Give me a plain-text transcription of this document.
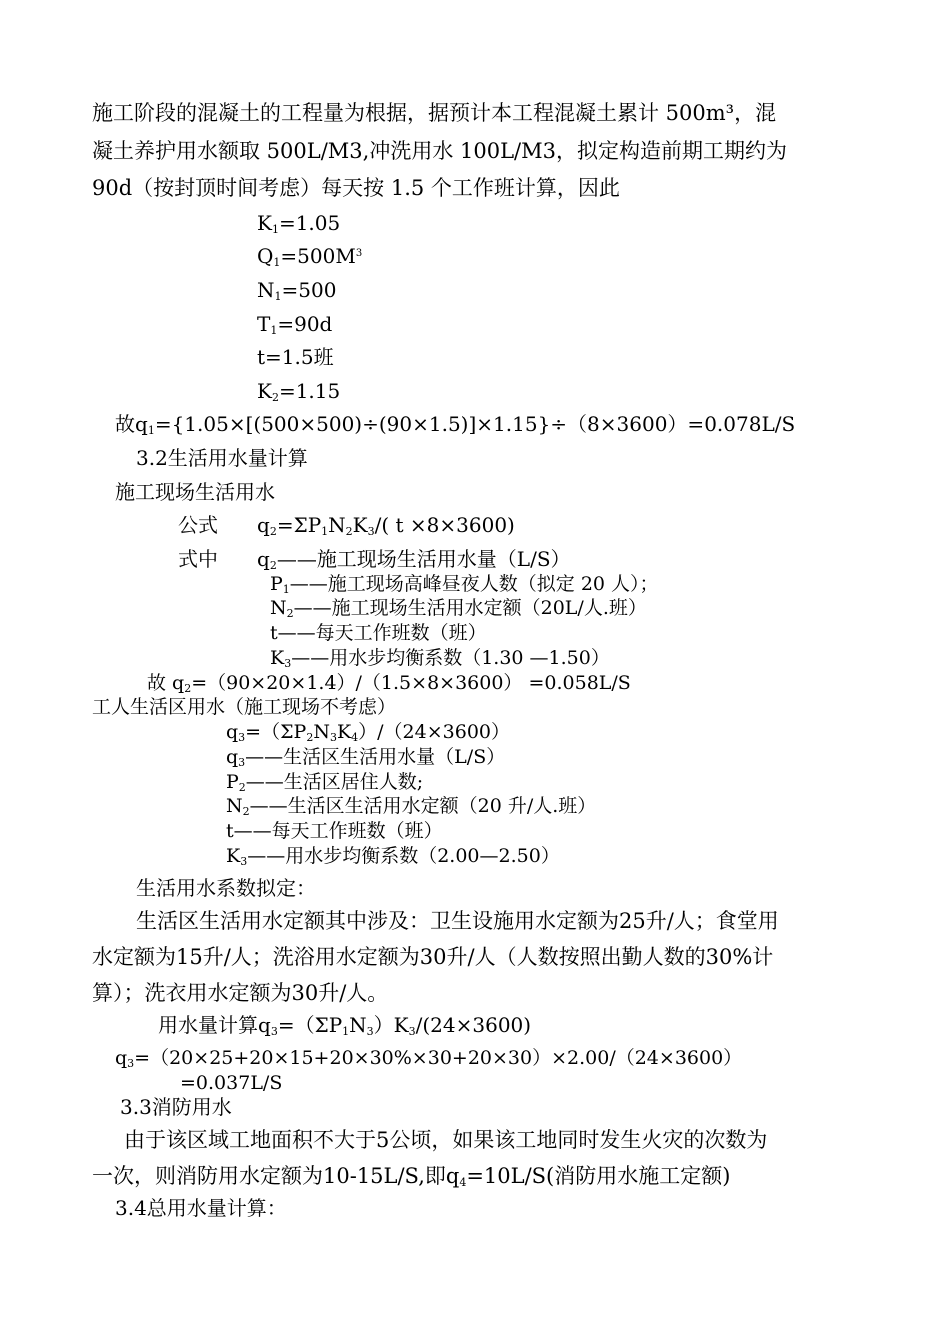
施工阶段的混凝土的工程量为根据，据预计本工程混凝土累计 500m³，混
凝土养护用水额取 500L/M3,冲洗用水 100L/M3，拟定构造前期工期约为
90d（按封顶时间考虑）每天按 1.5 个工作班计算，因此
$K_1=1.05$
$Q_1=500M^3$
$N_1=500$
$T_1=90d$
t=1.5班
$K_2=1.15$
故$q_1=\{1.05\times[(500\times 500)\div(90\times 1.5)]\times 1.15\}\div(8\times 3600)=0.078L/S$
3.2生活用水量计算
施工现场生活用水
公式 $q_2=\Sigma P_1N_2K_3/$( t ×8×3600)
式中 $q_2——$施工现场生活用水量（L/S）
$P_1——$施工现场高峰昼夜人数（拟定 20 人）；
$N_2——$施工现场生活用水定额（20L/人.班）
t——每天工作班数（班）
$K_3——$用水步均衡系数（1.30 —1.50）
故 $q_2=(90\times 20\times 1.4)/(1.5\times 8\times 3600) =0.058L/S$
工人生活区用水（施工现场不考虑）
$q_3=(\Sigma P_2N_3K_4)/(24\times 3600)$
$q_3——$生活区生活用水量（L/S）
$P_2——$生活区居住人数;
$N_2——$生活区生活用水定额（20 升/人.班）
t——每天工作班数（班）
$K_3——$用水步均衡系数（2.00—2.50）
生活用水系数拟定：
生活区生活用水定额其中涉及：卫生设施用水定额为25升/人；食堂用
水定额为15升/人；洗浴用水定额为30升/人（人数按照出勤人数的30%计
算）；洗衣用水定额为30升/人。
用水量计算$q_3=(\Sigma P_1N_3)K_3/(24\times 3600)$
$q_3=(20\times 25+20\times 15+20\times 30\%\times 30+20\times 30)\times 2.00/(24\times 3600)$
=0.037L/S
3.3消防用水
由于该区域工地面积不大于5公顷，如果该工地同时发生火灾的次数为
一次，则消防用水定额为10-15L/S,即$q_4=10L/S$(消防用水施工定额)
3.4总用水量计算：
